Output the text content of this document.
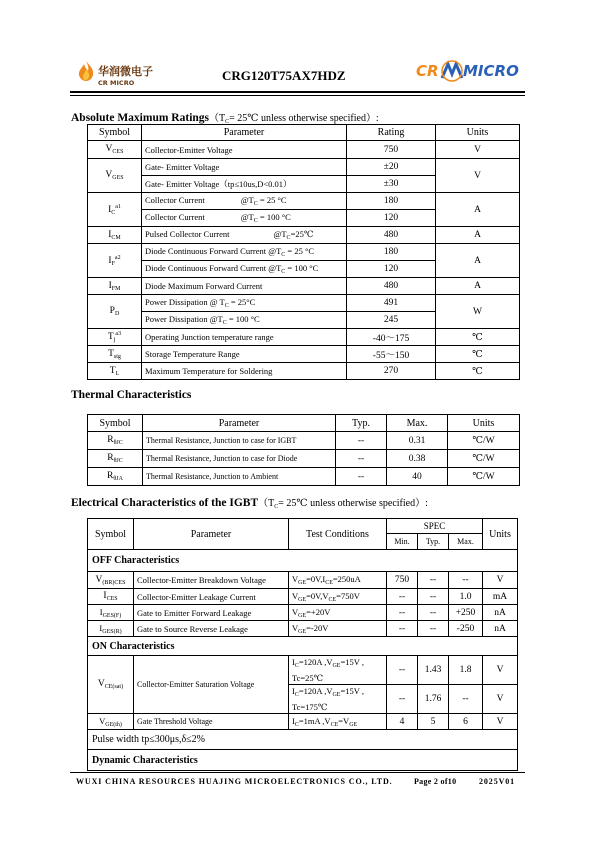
华润微电子
CR MICRO	CRG120T75AX7HDZ	CR MICRO
Absolute Maximum $Ratings(T_C=$ 25℃ unless otherwise specified）:
Symbol	Parameter	Rating	Units
$V_{CES}$	Collector-Emitter Voltage	750	V
$V_{GES}$	Gate- Emitter Voltage	±20	V
	Gate- Emitter Voltage（tp≤10us,D<0.01）	±30	
$I_C^{a1}$	Collector Current $@T_C = 25$ °C	180	A
	Collector Current $@T_C = 100$ °C	120	
$I_{CM}$	Pulsed Collector Current $@T_C=25℃$	480	A
$I_F^{a2}$	Diode Continuous Forward Current $@T_C = 25$ °C	180	A
	Diode Continuous Forward Current $@T_C = 100$ °C	120	
$I_{FM}$	Diode Maximum Forward Current	480	A
$P_D$	Power Dissipation @ $T_C = 25^\circ C$	491	W
	Power Dissipation $@T_C = 100$ °C	245	
$T_j^{a3}$	Operating Junction temperature range	-40～175	℃
$T_{stg}$	Storage Temperature Range	-55～150	℃
$T_L$	Maximum Temperature for Soldering	270	℃
Thermal Characteristics
Symbol	Parameter	Typ.	Max.	Units
$R_{\theta JC}$	Thermal Resistance, Junction to case for IGBT	--	0.31	℃/W
$R_{\theta JC}$	Thermal Resistance, Junction to case for Diode	--	0.38	℃/W
$R_{\theta JA}$	Thermal Resistance, Junction to Ambient	--	40	℃/W
Electrical Characteristics of the $IGBT(T_C=$ 25℃ unless otherwise specified）:
Symbol	Parameter	Test Conditions	SPEC			Units
			Min.	Typ.	Max.	
OFF Characteristics						
$V_{(BR)CES}$	Collector-Emitter Breakdown Voltage	$V_{GE}=0V,I_{CE}=250uA$	750	--	--	V
$I_{CES}$	Collector-Emitter Leakage Current	$V_{GE}=0V,V_{CE}=750V$	--	--	1.0	mA
$I_{GES(F)}$	Gate to Emitter Forward Leakage	$V_{GE}=+20V$	--	--	+250	nA
$I_{GES(R)}$	Gate to Source Reverse Leakage	$V_{GE}=-20V$	--	--	-250	nA
ON Characteristics						
$V_{CE(sat)}$	Collector-Emitter Saturation Voltage	$I_C=120A$ $,V_{GE}=15V$ , Tc=25℃	--	1.43	1.8	V
		$I_C=120A$ $,V_{GE}=15V$ , Tc=175℃	--	1.76	--	V
$V_{GE(th)}$	Gate Threshold Voltage	$I_C=1mA$ $,V_{CE}=V_{GE}$	4	5	6	V
Pulse width tp≤300μs,δ≤2%						
Dynamic Characteristics						
WUXI CHINA RESOURCES HUAJING MICROELECTRONICS CO., LTD.	Page 2 of10	2025V01
